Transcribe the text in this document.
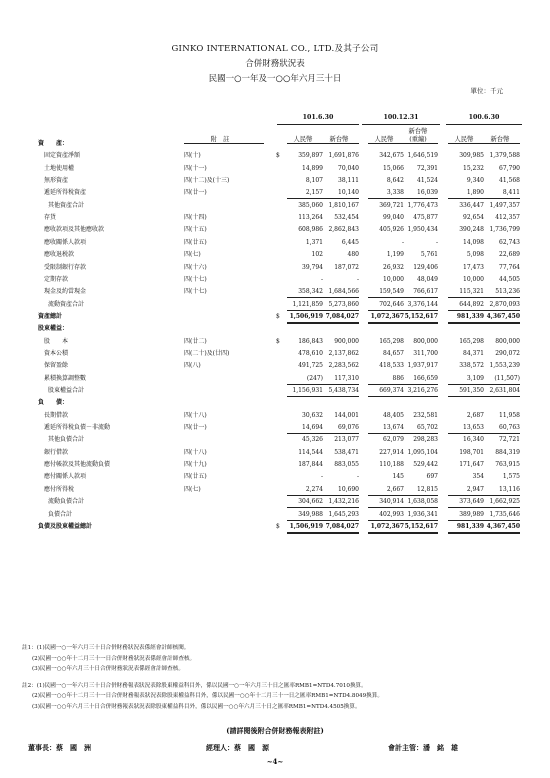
GINKO INTERNATIONAL CO., LTD.及其子公司
合併財務狀況表
民國一○一年及一○○年六月三十日
單位：千元
101.6.30	100.12.31	100.6.30
附　註	人民幣	新台幣	人民幣	人民幣	新台幣
新台幣
(重編)
資　　產：
固定資產淨額	四(十)	$	359,897 1,691,876	342,675 1,646,519	309,985 1,379,588
土地使用權	四(十一)	14,899	70,040	15,066	72,391	15,232	67,790
無形資產	四(十二)及(十三)	8,107	38,111	8,642	41,524	9,340	41,568
遞延所得稅資產	四(廿一)	2,157	10,140	3,338	16,039	1,890	8,411
其他資產合計	385,060 1,810,167	369,721 1,776,473	336,447 1,497,357
存貨	四(十四)	113,264	532,454	99,040	475,877	92,654	412,357
應收款項及其他應收款	四(十五)	608,986 2,862,843	405,926 1,950,434	390,248 1,736,799
應收關係人款項	四(廿五)	1,371	6,445	-	-	14,098	62,743
應收退税款	四(七)	102	480	1,199	5,761	5,098	22,689
受限制銀行存款	四(十六)	39,794	187,072	26,932	129,406	17,473	77,764
定期存款	四(十七)	-	-	10,000	48,049	10,000	44,505
現金及約當現金	四(十七)	358,342 1,684,566	159,549	766,617	115,321	513,236
流動資產合計	1,121,859 5,273,860	702,646 3,376,144	644,892 2,870,093
資產總計	$	1,506,919 7,084,027	1,072,367 5,152,617	981,339 4,367,450
股東權益：
股　　本	四(廿二)	$	186,843	900,000	165,298	800,000	165,298	800,000
資本公積	四(二十)及(廿四)	478,610 2,137,862	84,657	311,700	84,371	290,072
保留盈餘	四(八)	491,725 2,283,562	418,533 1,937,917	338,572 1,553,239
累積換算調整數	(247)	117,310	886	166,659	3,109	(11,507)
股東權益合計	1,156,931 5,438,734	669,374 3,216,276	591,350 2,631,804
負　　債：
長期借款	四(十八)	30,632	144,001	48,405	232,581	2,687	11,958
遞延所得稅負債－非流動	四(廿一)	14,694	69,076	13,674	65,702	13,653	60,763
其他負債合計	45,326	213,077	62,079	298,283	16,340	72,721
銀行借款	四(十八)	114,544	538,471	227,914 1,095,104	198,701	884,319
應付帳款及其他流動負債	四(十九)	187,844	883,055	110,188	529,442	171,647	763,915
應付關係人款項	四(廿五)	-	-	145	697	354	1,575
應付所得稅	四(七)	2,274	10,690	2,667	12,815	2,947	13,116
流動負債合計	304,662 1,432,216	340,914 1,638,058	373,649 1,662,925
負債合計	349,988 1,645,293	402,993 1,936,341	389,989 1,735,646
負債及股東權益總計	$	1,506,919 7,084,027	1,072,367 5,152,617	981,339 4,367,450
註1：(1)民國一○一年六月三十日合併財務狀況表係經會計師核閱。
(2)民國一○○年十二月三十一日合併財務狀況表係經會計師查核。
(3)民國一○○年六月三十日合併財務狀況表係經會計師查核。
註2：(1)民國一○一年六月三十日合併財務報表狀況表除股東權益科目外，係以民國一○一年六月三十日之匯率RMB1=NTD4.7010換算。
(2)民國一○○年十二月三十一日合併財務報表狀況表除股東權益科目外，係以民國一○○年十二月三十一日之匯率RMB1=NTD4.8049換算。
(3)民國一○○年六月三十日合併財務報表狀況表除股東權益科目外，係以民國一○○年六月三十日之匯率RMB1=NTD4.4505換算。
(請詳閱後附合併財務報表附註)
董事長：蔡　國　洲	經理人：蔡　國　源	會計主管：潘　銘　雄
~4~
